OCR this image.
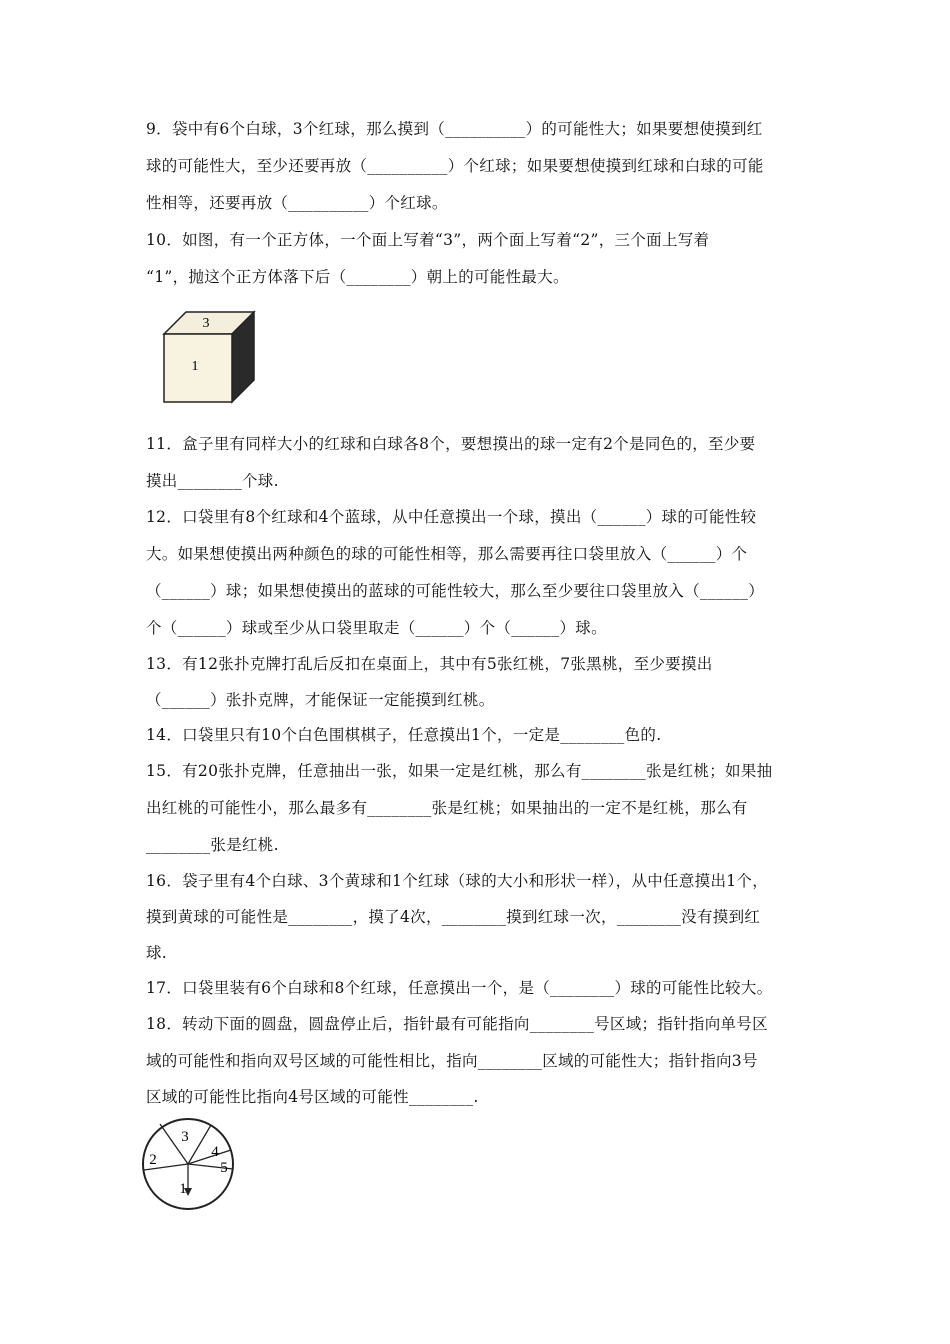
9．袋中有6个白球，3个红球，那么摸到（__________）的可能性大；如果要想使摸到红
球的可能性大，至少还要再放（__________）个红球；如果要想使摸到红球和白球的可能
性相等，还要再放（__________）个红球。
10．如图，有一个正方体，一个面上写着“3”，两个面上写着“2”，三个面上写着
“1”，抛这个正方体落下后（________）朝上的可能性最大。
3
1
11．盒子里有同样大小的红球和白球各8个，要想摸出的球一定有2个是同色的，至少要
摸出________个球.
12．口袋里有8个红球和4个蓝球，从中任意摸出一个球，摸出（______）球的可能性较
大。如果想使摸出两种颜色的球的可能性相等，那么需要再往口袋里放入（______）个
（______）球；如果想使摸出的蓝球的可能性较大，那么至少要往口袋里放入（______）
个（______）球或至少从口袋里取走（______）个（______）球。
13．有12张扑克牌打乱后反扣在桌面上，其中有5张红桃，7张黑桃，至少要摸出
（______）张扑克牌，才能保证一定能摸到红桃。
14．口袋里只有10个白色围棋棋子，任意摸出1个，一定是________色的.
15．有20张扑克牌，任意抽出一张，如果一定是红桃，那么有________张是红桃；如果抽
出红桃的可能性小，那么最多有________张是红桃；如果抽出的一定不是红桃，那么有
________张是红桃.
16．袋子里有4个白球、3个黄球和1个红球（球的大小和形状一样），从中任意摸出1个，
摸到黄球的可能性是________，摸了4次，________摸到红球一次，________没有摸到红
球.
17．口袋里装有6个白球和8个红球，任意摸出一个，是（________）球的可能性比较大。
18．转动下面的圆盘，圆盘停止后，指针最有可能指向________号区域；指针指向单号区
域的可能性和指向双号区域的可能性相比，指向________区域的可能性大；指针指向3号
区域的可能性比指向4号区域的可能性________.
3
2	4
5
1
